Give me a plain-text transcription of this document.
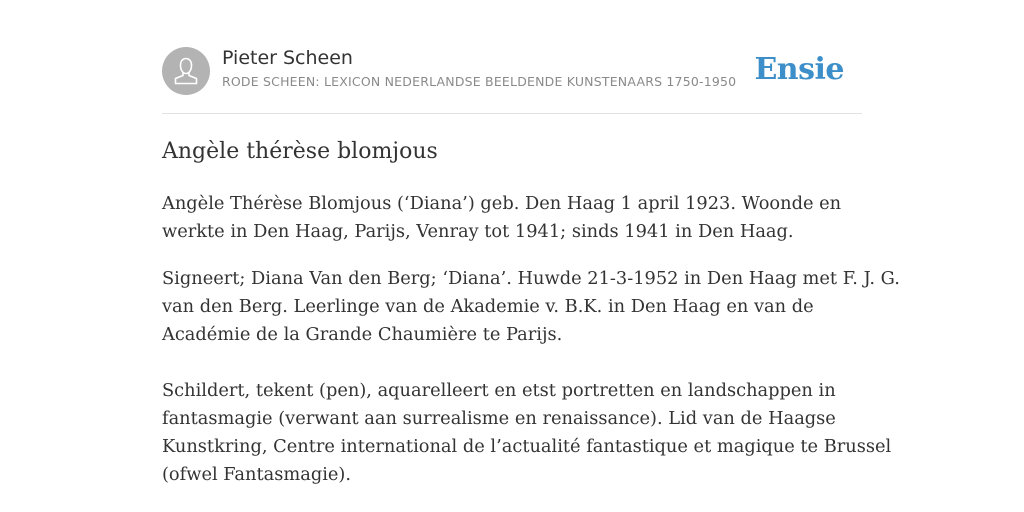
Pieter Scheen
RODE SCHEEN: LEXICON NEDERLANDSE BEELDENDE KUNSTENAARS 1750-1950 Ensie
Angèle thérèse blomjous

Angèle Thérèse Blomjous (‘Diana’) geb. Den Haag 1 april 1923. Woonde en
werkte in Den Haag, Parijs, Venray tot 1941; sinds 1941 in Den Haag.

Signeert; Diana Van den Berg; ‘Diana’. Huwde 21-3-1952 in Den Haag met F. J. G.
van den Berg. Leerlinge van de Akademie v. B.K. in Den Haag en van de
Académie de la Grande Chaumière te Parijs.

Schildert, tekent (pen), aquarelleert en etst portretten en landschappen in
fantasmagie (verwant aan surrealisme en renaissance). Lid van de Haagse
Kunstkring, Centre international de l’actualité fantastique et magique te Brussel
(ofwel Fantasmagie).
